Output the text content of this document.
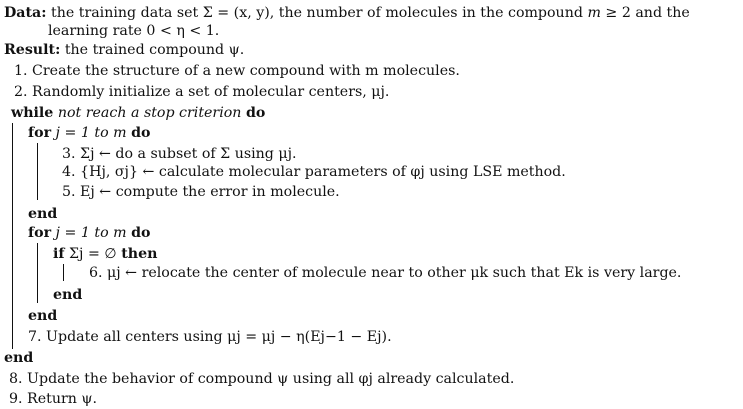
Data: the training data set Σ = (x, y), the number of molecules in the compound m ≥ 2 and the
learning rate 0 < η < 1.
Result: the trained compound ψ.
1. Create the structure of a new compound with m molecules.
2. Randomly initialize a set of molecular centers, μj.
while not reach a stop criterion do
for j = 1 to m do
3. Σj ← do a subset of Σ using μj.
4. {Hj, σj} ← calculate molecular parameters of φj using LSE method.
5. Ej ← compute the error in molecule.
end
for j = 1 to m do
if Σj = ∅ then
6. μj ← relocate the center of molecule near to other μk such that Ek is very large.
end
end
7. Update all centers using μj = μj − η(Ej−1 − Ej).
end
8. Update the behavior of compound ψ using all φj already calculated.
9. Return ψ.
